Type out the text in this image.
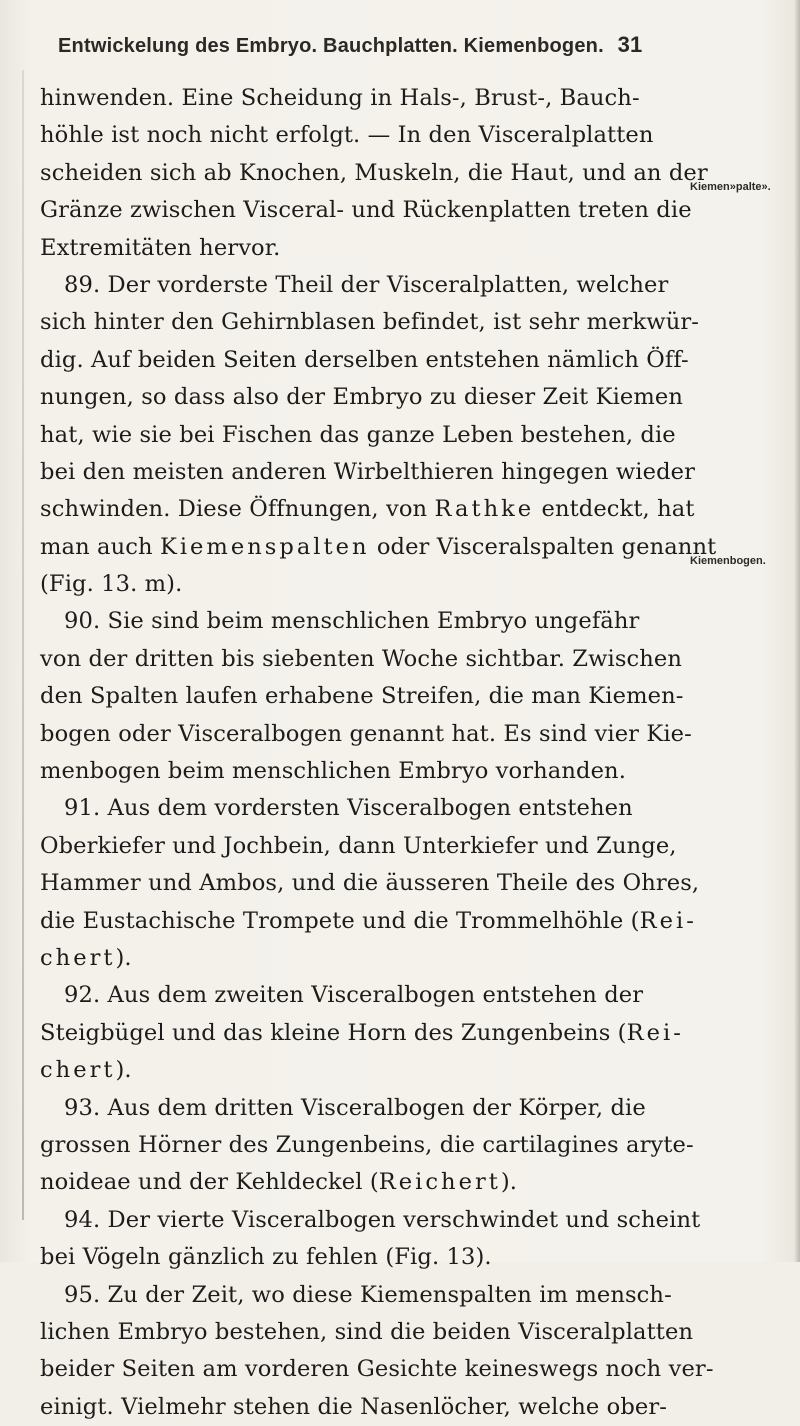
Entwickelung des Embryo. Bauchplatten. Kiemenbogen. 31
Kiemen»palte».
Kiemenbogen.
hinwenden. Eine Scheidung in Hals-, Brust-, Bauch-
höhle ist noch nicht erfolgt. — In den Visceralplatten
scheiden sich ab Knochen, Muskeln, die Haut, und an der
Gränze zwischen Visceral- und Rückenplatten treten die
Extremitäten hervor.
89. Der vorderste Theil der Visceralplatten, welcher
sich hinter den Gehirnblasen befindet, ist sehr merkwür-
dig. Auf beiden Seiten derselben entstehen nämlich Öff-
nungen, so dass also der Embryo zu dieser Zeit Kiemen
hat, wie sie bei Fischen das ganze Leben bestehen, die
bei den meisten anderen Wirbelthieren hingegen wieder
schwinden. Diese Öffnungen, von Rathke entdeckt, hat
man auch Kiemenspalten oder Visceralspalten genannt
(Fig. 13. m).
90. Sie sind beim menschlichen Embryo ungefähr
von der dritten bis siebenten Woche sichtbar. Zwischen
den Spalten laufen erhabene Streifen, die man Kiemen-
bogen oder Visceralbogen genannt hat. Es sind vier Kie-
menbogen beim menschlichen Embryo vorhanden.
91. Aus dem vordersten Visceralbogen entstehen
Oberkiefer und Jochbein, dann Unterkiefer und Zunge,
Hammer und Ambos, und die äusseren Theile des Ohres,
die Eustachische Trompete und die Trommelhöhle (Rei-
chert).
92. Aus dem zweiten Visceralbogen entstehen der
Steigbügel und das kleine Horn des Zungenbeins (Rei-
chert).
93. Aus dem dritten Visceralbogen der Körper, die
grossen Hörner des Zungenbeins, die cartilagines aryte-
noideae und der Kehldeckel (Reichert).
94. Der vierte Visceralbogen verschwindet und scheint
bei Vögeln gänzlich zu fehlen (Fig. 13).
95. Zu der Zeit, wo diese Kiemenspalten im mensch-
lichen Embryo bestehen, sind die beiden Visceralplatten
beider Seiten am vorderen Gesichte keineswegs noch ver-
einigt. Vielmehr stehen die Nasenlöcher, welche ober-
